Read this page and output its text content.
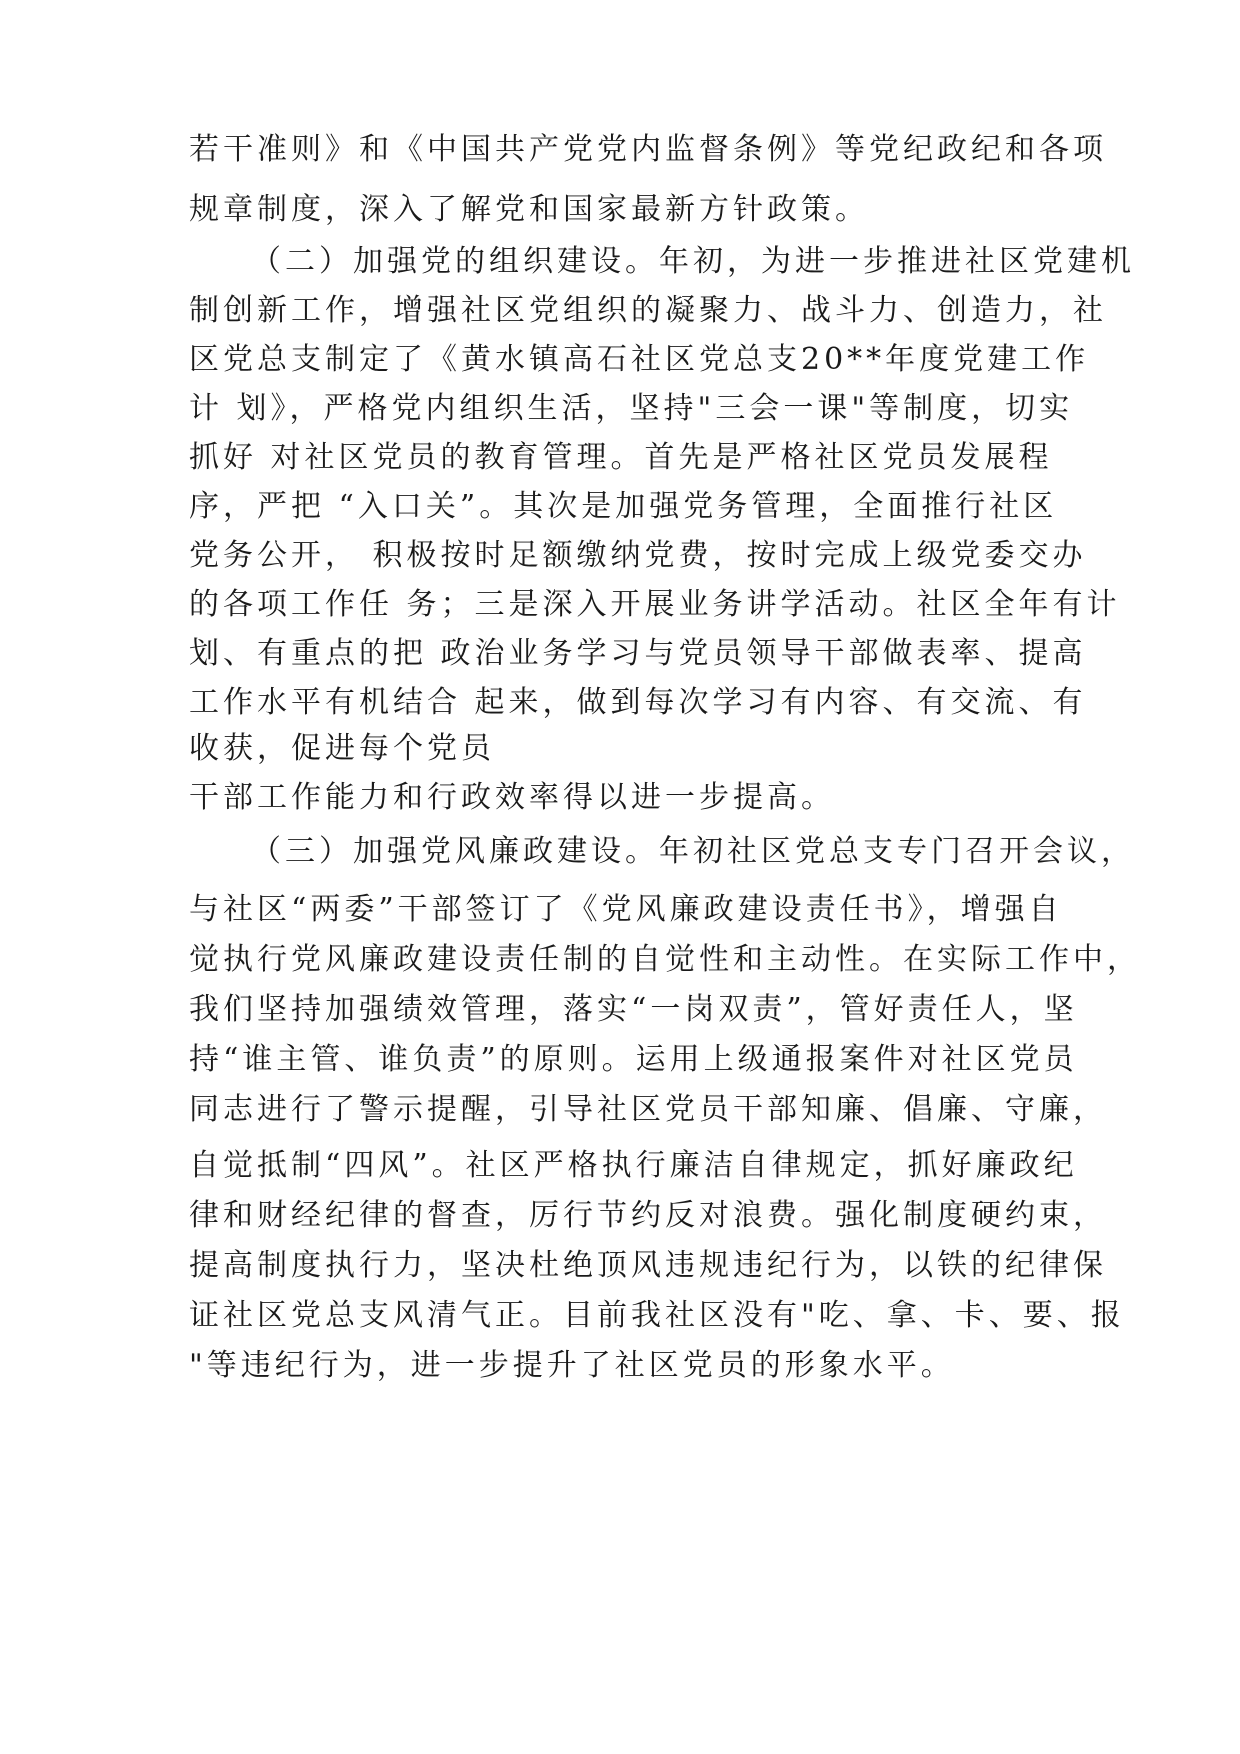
若干准则》和《中国共产党党内监督条例》等党纪政纪和各项

规章制度，深入了解党和国家最新方针政策。

（二）加强党的组织建设。年初，为进一步推进社区党建机

制创新工作，增强社区党组织的凝聚力、战斗力、创造力，社

区党总支制定了《黄水镇高石社区党总支20**年度党建工作

计 划》，严格党内组织生活，坚持"三会一课"等制度，切实

抓好 对社区党员的教育管理。首先是严格社区党员发展程

序，严把 “入口关”。其次是加强党务管理，全面推行社区

党务公开， 积极按时足额缴纳党费，按时完成上级党委交办

的各项工作任 务；三是深入开展业务讲学活动。社区全年有计

划、有重点的把 政治业务学习与党员领导干部做表率、提高

工作水平有机结合 起来，做到每次学习有内容、有交流、有

收获，促进每个党员

干部工作能力和行政效率得以进一步提高。

（三）加强党风廉政建设。年初社区党总支专门召开会议，

与社区“两委”干部签订了《党风廉政建设责任书》，增强自

觉执行党风廉政建设责任制的自觉性和主动性。在实际工作中，

我们坚持加强绩效管理，落实“一岗双责”，管好责任人，坚

持“谁主管、谁负责”的原则。运用上级通报案件对社区党员

同志进行了警示提醒，引导社区党员干部知廉、倡廉、守廉，

自觉抵制“四风”。社区严格执行廉洁自律规定，抓好廉政纪

律和财经纪律的督查，厉行节约反对浪费。强化制度硬约束，

提高制度执行力，坚决杜绝顶风违规违纪行为，以铁的纪律保

证社区党总支风清气正。目前我社区没有"吃、拿、卡、要、报

"等违纪行为，进一步提升了社区党员的形象水平。
